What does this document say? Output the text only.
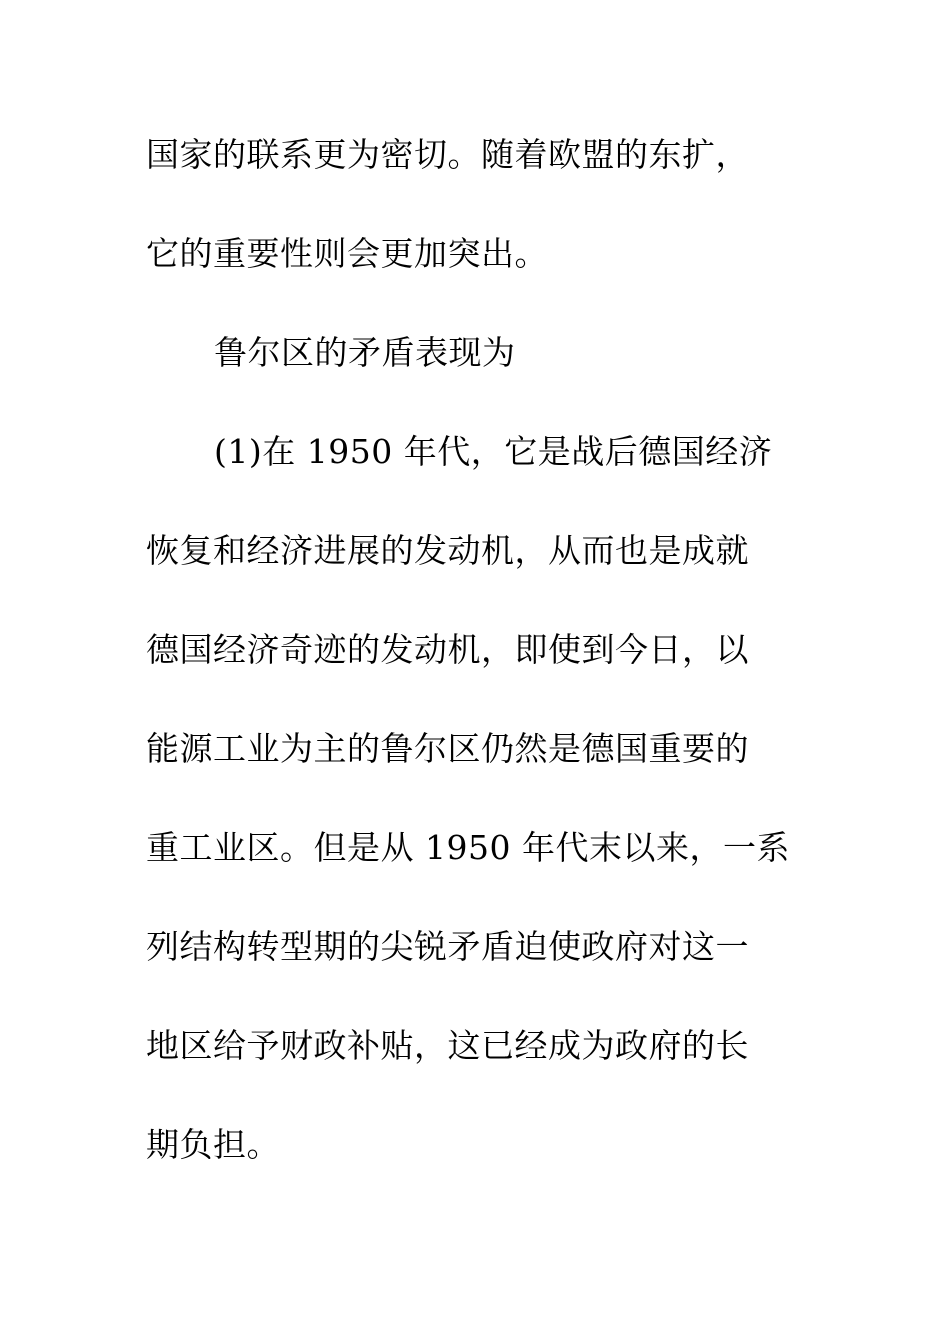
国家的联系更为密切。随着欧盟的东扩，
它的重要性则会更加突出。
鲁尔区的矛盾表现为
(1)在 1950 年代，它是战后德国经济
恢复和经济进展的发动机，从而也是成就
德国经济奇迹的发动机，即使到今日，以
能源工业为主的鲁尔区仍然是德国重要的
重工业区。但是从 1950 年代末以来，一系
列结构转型期的尖锐矛盾迫使政府对这一
地区给予财政补贴，这已经成为政府的长
期负担。
